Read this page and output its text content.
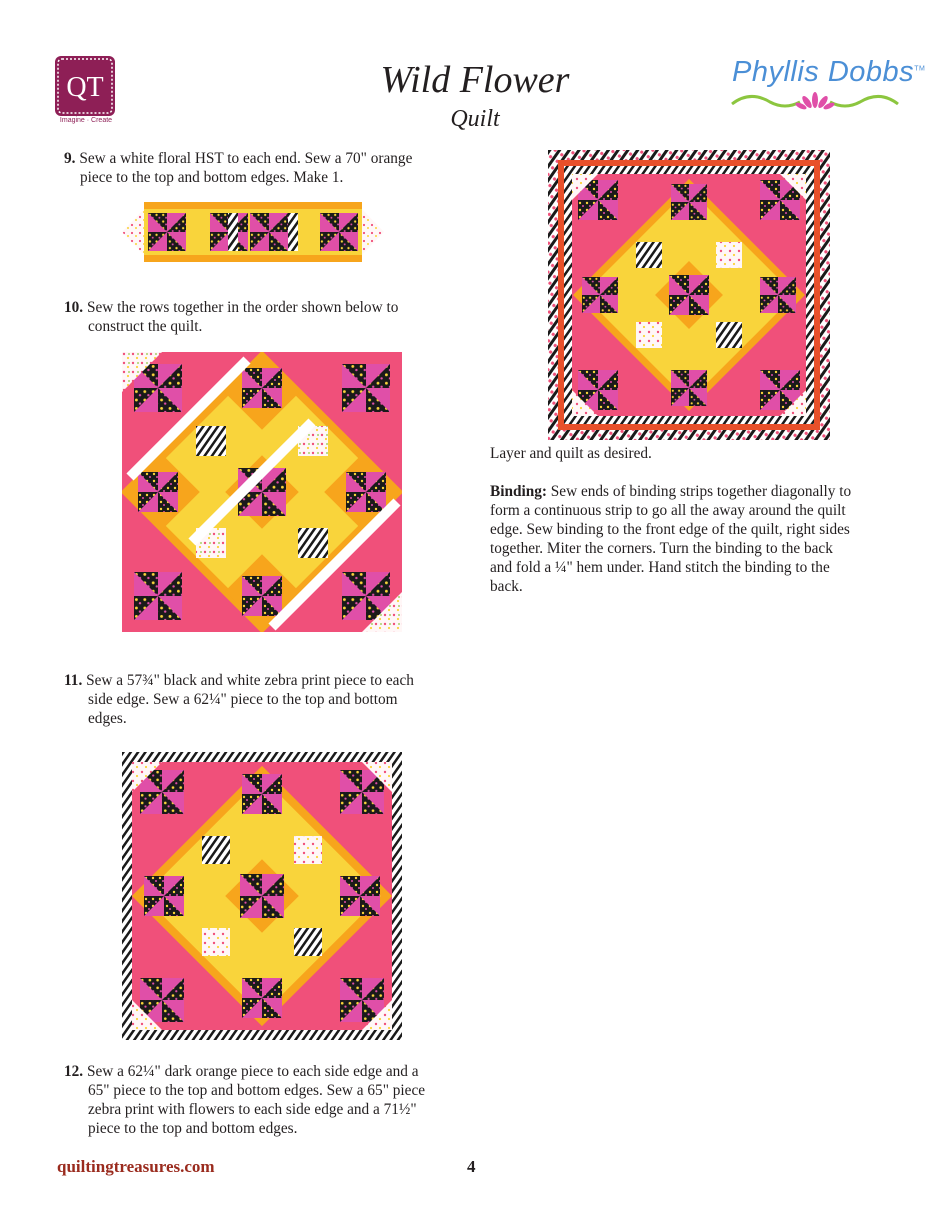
QT
Imagine · Create
Wild Flower
Quilt
Phyllis Dobbs™
9. Sew a white floral HST to each end. Sew a 70" orange
piece to the top and bottom edges. Make 1.
10. Sew the rows together in the order shown below to
construct the quilt.
11. Sew a 57¾" black and white zebra print piece to each
side edge. Sew a 62¼" piece to the top and bottom
edges.
12. Sew a 62¼" dark orange piece to each side edge and a
65" piece to the top and bottom edges. Sew a 65" piece
zebra print with flowers to each side edge and a 71½"
piece to the top and bottom edges.
Layer and quilt as desired.
Binding: Sew ends of binding strips together diagonally to
form a continuous strip to go all the away around the quilt
edge. Sew binding to the front edge of the quilt, right sides
together. Miter the corners. Turn the binding to the back
and fold a ¼" hem under. Hand stitch the binding to the
back.
quiltingtreasures.com	4
